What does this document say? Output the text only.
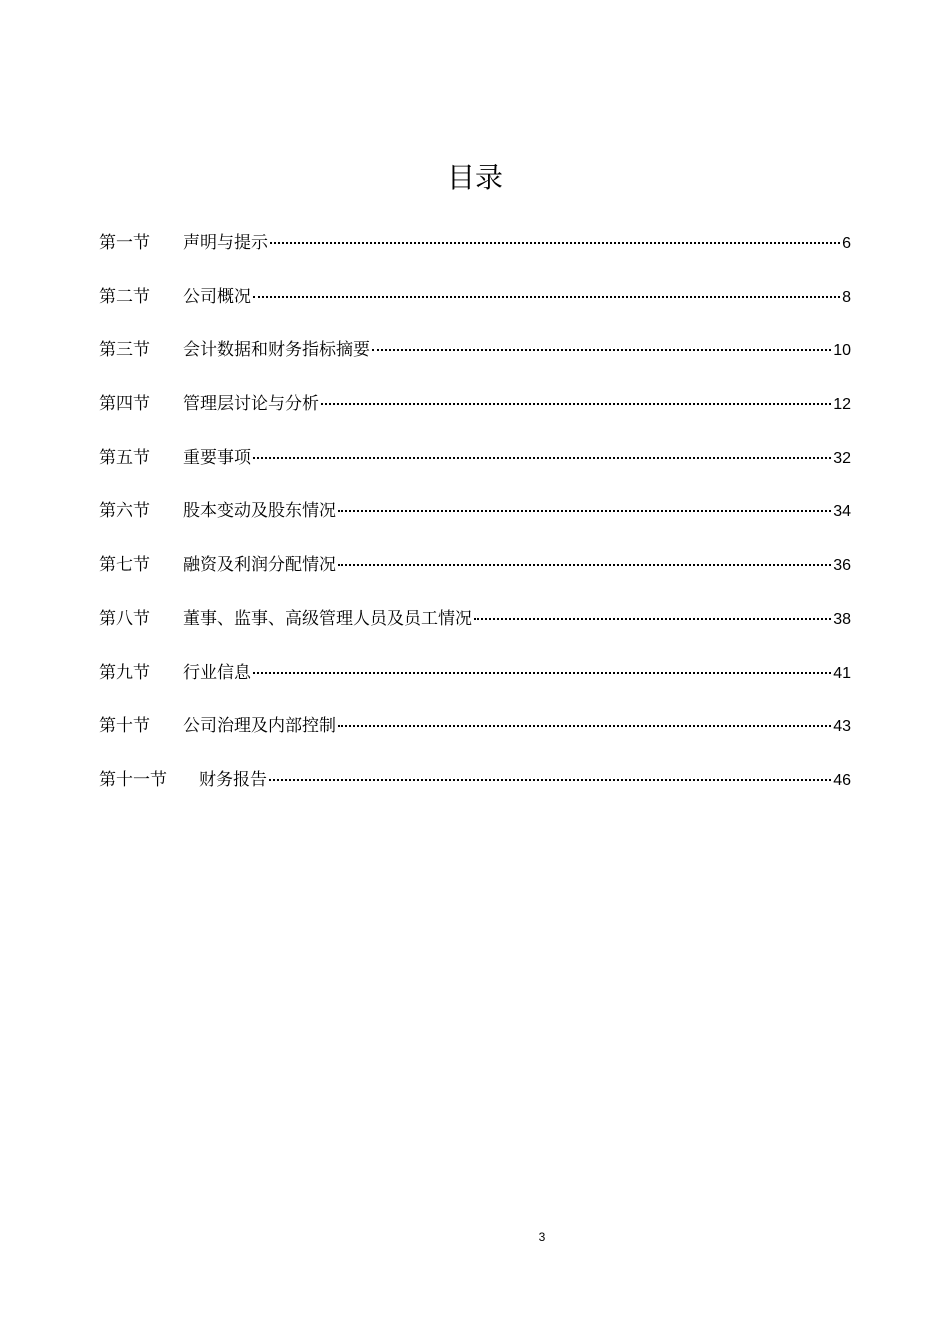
目录
第一节	声明与提示	6
第二节	公司概况	8
第三节	会计数据和财务指标摘要	10
第四节	管理层讨论与分析	12
第五节	重要事项	32
第六节	股本变动及股东情况	34
第七节	融资及利润分配情况	36
第八节	董事、监事、高级管理人员及员工情况	38
第九节	行业信息	41
第十节	公司治理及内部控制	43
第十一节	财务报告	46
3
